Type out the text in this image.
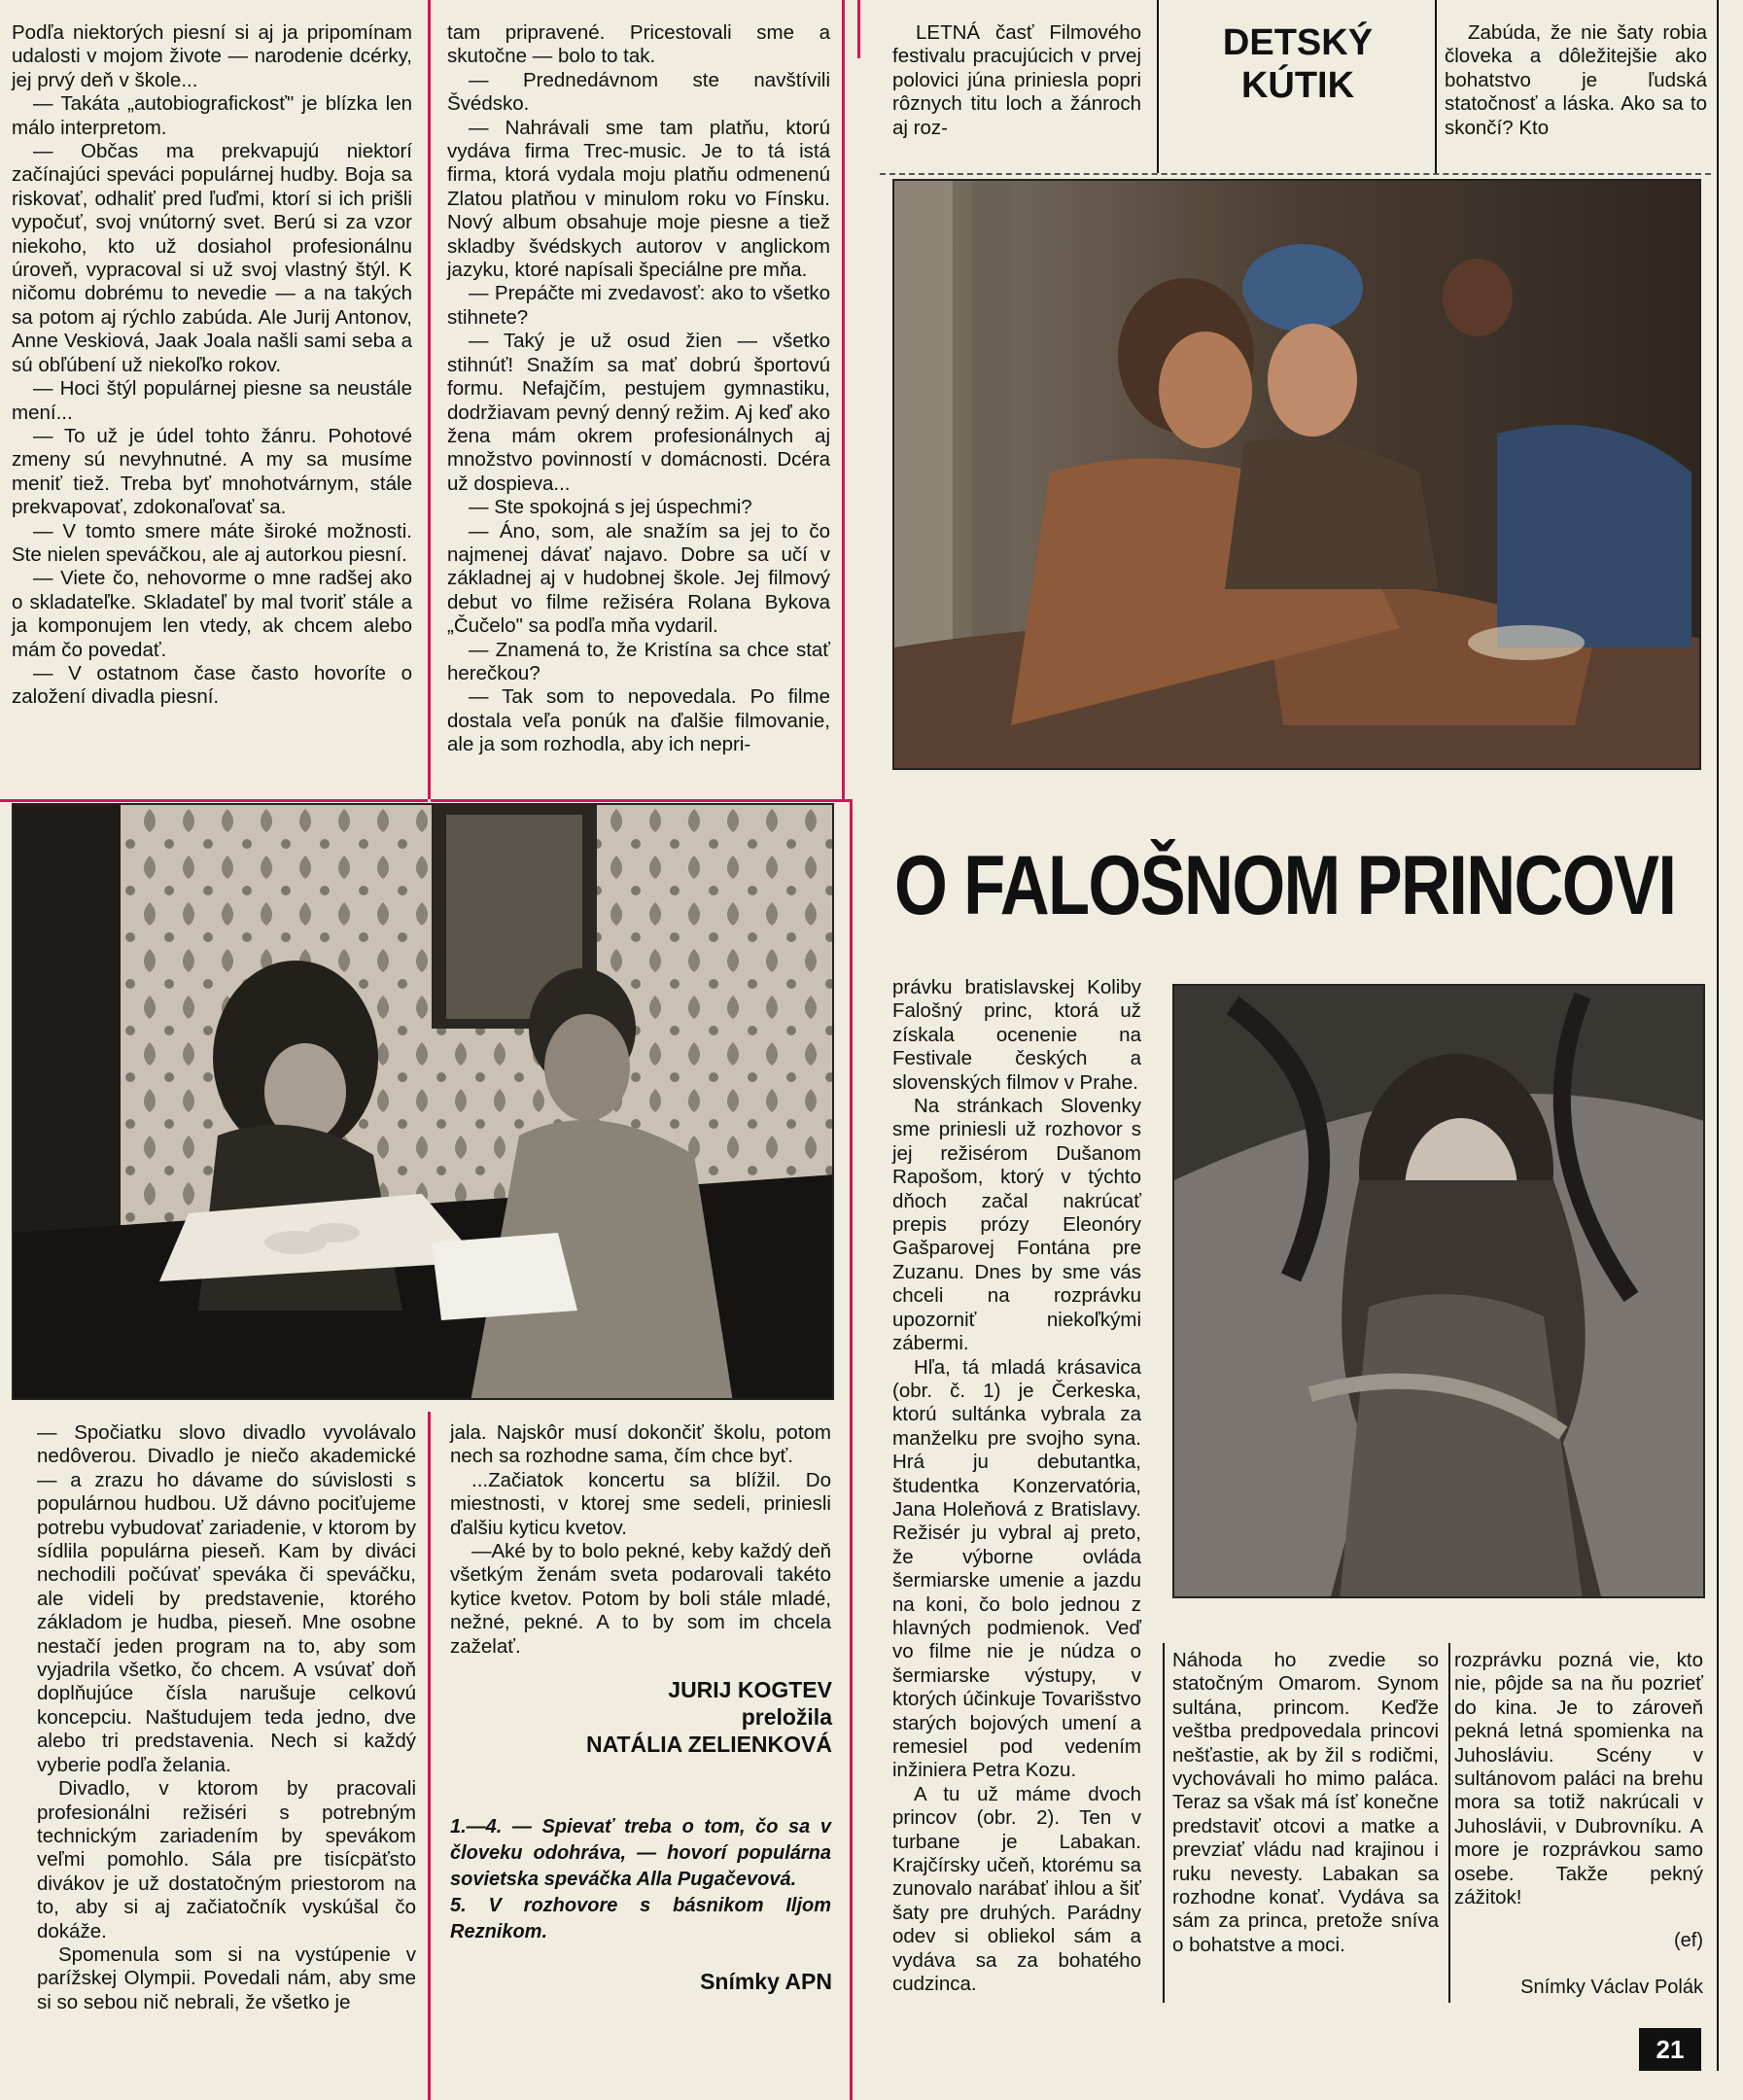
Podľa niektorých piesní si aj ja pripomínam udalosti v mojom živote — narodenie dcérky, jej prvý deň v škole...

— Takáta „autobiografickosť" je blízka len málo interpretom.

— Občas ma prekvapujú niektorí začínajúci speváci populárnej hudby. Boja sa riskovať, odhaliť pred ľuďmi, ktorí si ich prišli vypočuť, svoj vnútorný svet. Berú si za vzor niekoho, kto už dosiahol profesionálnu úroveň, vypracoval si už svoj vlastný štýl. K ničomu dobrému to nevedie — a na takých sa potom aj rýchlo zabúda. Ale Jurij Antonov, Anne Veskiová, Jaak Joala našli sami seba a sú obľúbení už niekoľko rokov.

— Hoci štýl populárnej piesne sa neustále mení...

— To už je údel tohto žánru. Pohotové zmeny sú nevyhnutné. A my sa musíme meniť tiež. Treba byť mnohotvárnym, stále prekvapovať, zdokonaľovať sa.

— V tomto smere máte široké možnosti. Ste nielen speváčkou, ale aj autorkou piesní.

— Viete čo, nehovorme o mne radšej ako o skladateľke. Skladateľ by mal tvoriť stále a ja komponujem len vtedy, ak chcem alebo mám čo povedať.

— V ostatnom čase často hovoríte o založení divadla piesní.

tam pripravené. Pricestovali sme a skutočne — bolo to tak.

— Prednedávnom ste navštívili Švédsko.

— Nahrávali sme tam platňu, ktorú vydáva firma Trec-music. Je to tá istá firma, ktorá vydala moju platňu odmenenú Zlatou platňou v minulom roku vo Fínsku. Nový album obsahuje moje piesne a tiež skladby švédskych autorov v anglickom jazyku, ktoré napísali špeciálne pre mňa.

— Prepáčte mi zvedavosť: ako to všetko stihnete?

— Taký je už osud žien — všetko stihnúť! Snažím sa mať dobrú športovú formu. Nefajčím, pestujem gymnastiku, dodržiavam pevný denný režim. Aj keď ako žena mám okrem profesionálnych aj množstvo povinností v domácnosti. Dcéra už dospieva...

— Ste spokojná s jej úspechmi?

— Áno, som, ale snažím sa jej to čo najmenej dávať najavo. Dobre sa učí v základnej aj v hudobnej škole. Jej filmový debut vo filme režiséra Rolana Bykova „Čučelo" sa podľa mňa vydaril.

— Znamená to, že Kristína sa chce stať herečkou?

— Tak som to nepovedala. Po filme dostala veľa ponúk na ďalšie filmovanie, ale ja som rozhodla, aby ich nepri-

— Spočiatku slovo divadlo vyvolávalo nedôverou. Divadlo je niečo akademické — a zrazu ho dávame do súvislosti s populárnou hudbou. Už dávno pociťujeme potrebu vybudovať zariadenie, v ktorom by sídlila populárna pieseň. Kam by diváci nechodili počúvať speváka či speváčku, ale videli by predstavenie, ktorého základom je hudba, pieseň. Mne osobne nestačí jeden program na to, aby som vyjadrila všetko, čo chcem. A vsúvať doň doplňujúce čísla narušuje celkovú koncepciu. Naštudujem teda jedno, dve alebo tri predstavenia. Nech si každý vyberie podľa želania.

Divadlo, v ktorom by pracovali profesionálni režiséri s potrebným technickým zariadením by spevákom veľmi pomohlo. Sála pre tisícpäťsto divákov je už dostatočným priestorom na to, aby si aj začiatočník vyskúšal čo dokáže.

Spomenula som si na vystúpenie v parížskej Olympii. Povedali nám, aby sme si so sebou nič nebrali, že všetko je

jala. Najskôr musí dokončiť školu, potom nech sa rozhodne sama, čím chce byť.

...Začiatok koncertu sa blížil. Do miestnosti, v ktorej sme sedeli, priniesli ďalšiu kyticu kvetov.

—Aké by to bolo pekné, keby každý deň všetkým ženám sveta podarovali takéto kytice kvetov. Potom by boli stále mladé, nežné, pekné. A to by som im chcela zaželať.

JURIJ KOGTEV
preložila
NATÁLIA ZELIENKOVÁ

1.—4. — Spievať treba o tom, čo sa v človeku odohráva, — hovorí populárna sovietska speváčka Alla Pugačevová.

5. V rozhovore s básnikom Iljom Reznikom.

Snímky APN
LETNÁ časť Filmového festivalu pracujúcich v prvej polovici júna priniesla popri rôznych titu loch a žánroch aj roz-
DETSKÝ
KÚTIK
Zabúda, že nie šaty robia človeka a dôležitejšie ako bohatstvo je ľudská statočnosť a láska. Ako sa to skončí? Kto
O FALOŠNOM PRINCOVI

právku bratislavskej Koliby Falošný princ, ktorá už získala ocenenie na Festivale českých a slovenských filmov v Prahe.

Na stránkach Slovenky sme priniesli už rozhovor s jej režisérom Dušanom Rapošom, ktorý v týchto dňoch začal nakrúcať prepis prózy Eleonóry Gašparovej Fontána pre Zuzanu. Dnes by sme vás chceli na rozprávku upozorniť niekoľkými zábermi.

Hľa, tá mladá krásavica (obr. č. 1) je Čerkeska, ktorú sultánka vybrala za manželku pre svojho syna. Hrá ju debutantka, študentka Konzervatória, Jana Holeňová z Bratislavy. Režisér ju vybral aj preto, že výborne ovláda šermiarske umenie a jazdu na koni, čo bolo jednou z hlavných podmienok. Veď vo filme nie je núdza o šermiarske výstupy, v ktorých účinkuje Tovarišstvo starých bojových umení a remesiel pod vedením inžiniera Petra Kozu.

A tu už máme dvoch princov (obr. 2). Ten v turbane je Labakan. Krajčírsky učeň, ktorému sa zunovalo narábať ihlou a šiť šaty pre druhých. Parádny odev si obliekol sám a vydáva sa za bohatého cudzinca.

Náhoda ho zvedie so statočným Omarom. Synom sultána, princom. Keďže veštba predpovedala princovi nešťastie, ak by žil s rodičmi, vychovávali ho mimo paláca. Teraz sa však má ísť konečne predstaviť otcovi a matke a prevziať vládu nad krajinou i ruku nevesty. Labakan sa rozhodne konať. Vydáva sa sám za princa, pretože sníva o bohatstve a moci.
rozprávku pozná vie, kto nie, pôjde sa na ňu pozrieť do kina. Je to zároveň pekná letná spomienka na Juhosláviu. Scény v sultánovom paláci na brehu mora sa totiž nakrúcali v Juhoslávii, v Dubrovníku. A more je rozprávkou samo osebe. Takže pekný zážitok!
(ef)
Snímky Václav Polák
21
